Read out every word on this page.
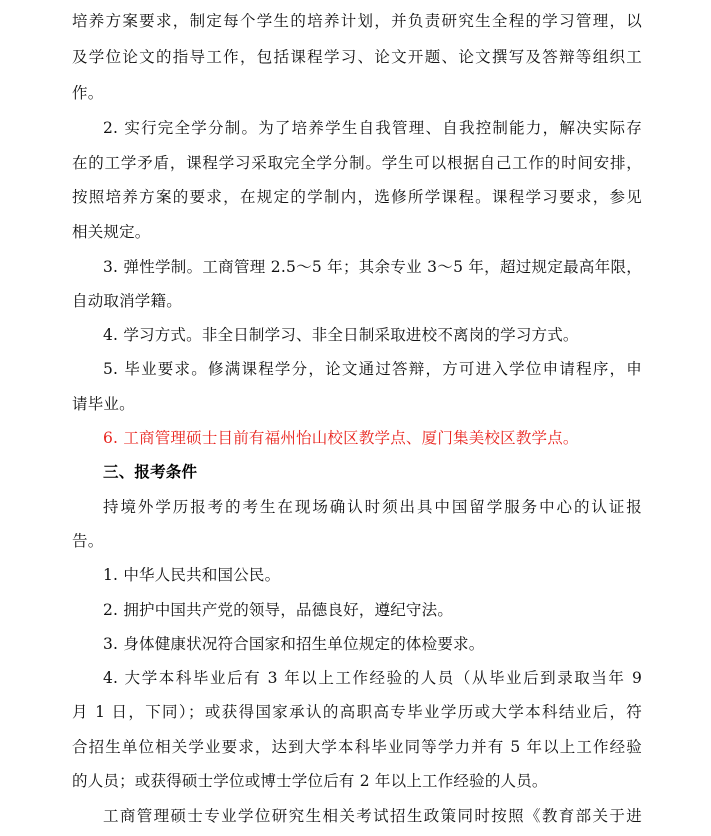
培养方案要求，制定每个学生的培养计划，并负责研究生全程的学习管理，以
及学位论文的指导工作，包括课程学习、论文开题、论文撰写及答辩等组织工
作。
2. 实行完全学分制。为了培养学生自我管理、自我控制能力，解决实际存
在的工学矛盾，课程学习采取完全学分制。学生可以根据自己工作的时间安排，
按照培养方案的要求，在规定的学制内，选修所学课程。课程学习要求，参见
相关规定。
3. 弹性学制。工商管理 2.5～5 年；其余专业 3～5 年，超过规定最高年限，
自动取消学籍。
4. 学习方式。非全日制学习、非全日制采取进校不离岗的学习方式。
5. 毕业要求。修满课程学分，论文通过答辩，方可进入学位申请程序，申
请毕业。
6. 工商管理硕士目前有福州怡山校区教学点、厦门集美校区教学点。
三、报考条件
持境外学历报考的考生在现场确认时须出具中国留学服务中心的认证报
告。
1. 中华人民共和国公民。
2. 拥护中国共产党的领导，品德良好，遵纪守法。
3. 身体健康状况符合国家和招生单位规定的体检要求。
4. 大学本科毕业后有 3 年以上工作经验的人员（从毕业后到录取当年 9
月 1 日，下同）；或获得国家承认的高职高专毕业学历或大学本科结业后，符
合招生单位相关学业要求，达到大学本科毕业同等学力并有 5 年以上工作经验
的人员；或获得硕士学位或博士学位后有 2 年以上工作经验的人员。
工商管理硕士专业学位研究生相关考试招生政策同时按照《教育部关于进
